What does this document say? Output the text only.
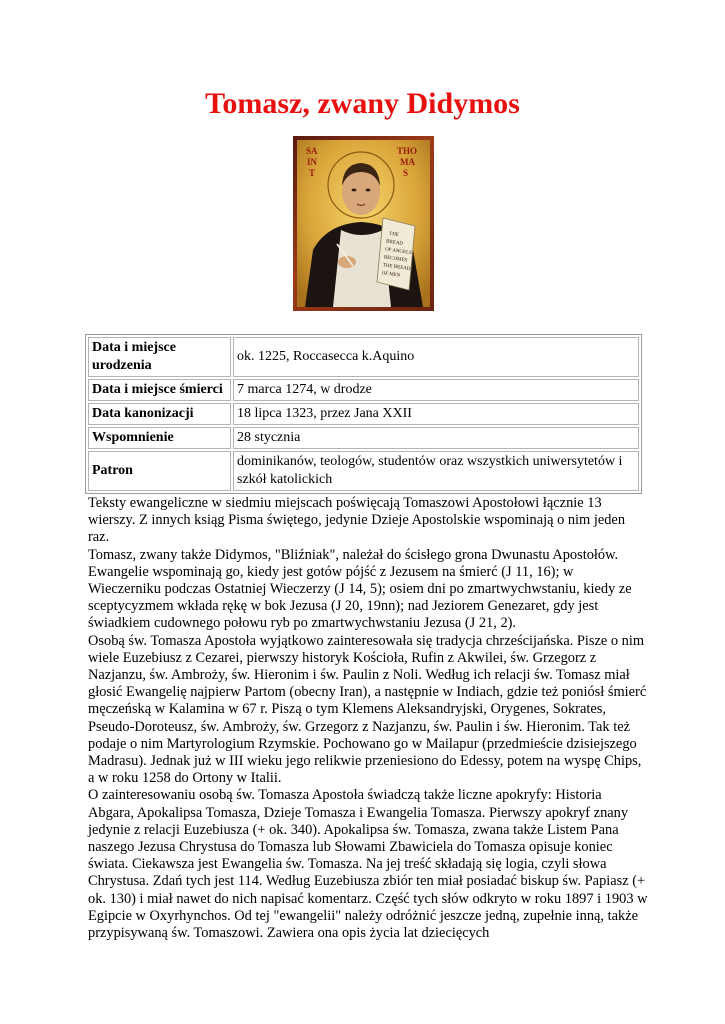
Tomasz, zwany Didymos
SA
IN
T
THO
MA
S
THE
BREAD
OF ANGELS
BECOMES
THE BREAD
OF MEN
Data i miejsce urodzenia	ok. 1225, Roccasecca k.Aquino
Data i miejsce śmierci	7 marca 1274, w drodze
Data kanonizacji	18 lipca 1323, przez Jana XXII
Wspomnienie	28 stycznia
Patron	dominikanów, teologów, studentów oraz wszystkich uniwersytetów i szkół katolickich

Teksty ewangeliczne w siedmiu miejscach poświęcają Tomaszowi Apostołowi łącznie 13 wierszy. Z innych ksiąg Pisma świętego, jedynie Dzieje Apostolskie wspominają o nim jeden raz.

Tomasz, zwany także Didymos, "Bliźniak", należał do ścisłego grona Dwunastu Apostołów. Ewangelie wspominają go, kiedy jest gotów pójść z Jezusem na śmierć (J 11, 16); w Wieczerniku podczas Ostatniej Wieczerzy (J 14, 5); osiem dni po zmartwychwstaniu, kiedy ze sceptycyzmem wkłada rękę w bok Jezusa (J 20, 19nn); nad Jeziorem Genezaret, gdy jest świadkiem cudownego połowu ryb po zmartwychwstaniu Jezusa (J 21, 2).

Osobą św. Tomasza Apostoła wyjątkowo zainteresowała się tradycja chrześcijańska. Pisze o nim wiele Euzebiusz z Cezarei, pierwszy historyk Kościoła, Rufin z Akwilei, św. Grzegorz z Nazjanzu, św. Ambroży, św. Hieronim i św. Paulin z Noli. Według ich relacji św. Tomasz miał głosić Ewangelię najpierw Partom (obecny Iran), a następnie w Indiach, gdzie też poniósł śmierć męczeńską w Kalamina w 67 r. Piszą o tym Klemens Aleksandryjski, Orygenes, Sokrates, Pseudo-Doroteusz, św. Ambroży, św. Grzegorz z Nazjanzu, św. Paulin i św. Hieronim. Tak też podaje o nim Martyrologium Rzymskie. Pochowano go w Mailapur (przedmieście dzisiejszego Madrasu). Jednak już w III wieku jego relikwie przeniesiono do Edessy, potem na wyspę Chips, a w roku 1258 do Ortony w Italii.

O zainteresowaniu osobą św. Tomasza Apostoła świadczą także liczne apokryfy: Historia Abgara, Apokalipsa Tomasza, Dzieje Tomasza i Ewangelia Tomasza. Pierwszy apokryf znany jedynie z relacji Euzebiusza (+ ok. 340). Apokalipsa św. Tomasza, zwana także Listem Pana naszego Jezusa Chrystusa do Tomasza lub Słowami Zbawiciela do Tomasza opisuje koniec świata. Ciekawsza jest Ewangelia św. Tomasza. Na jej treść składają się logia, czyli słowa Chrystusa. Zdań tych jest 114. Według Euzebiusza zbiór ten miał posiadać biskup św. Papiasz (+ ok. 130) i miał nawet do nich napisać komentarz. Część tych słów odkryto w roku 1897 i 1903 w Egipcie w Oxyrhynchos. Od tej "ewangelii" należy odróżnić jeszcze jedną, zupełnie inną, także przypisywaną św. Tomaszowi. Zawiera ona opis życia lat dziecięcych
